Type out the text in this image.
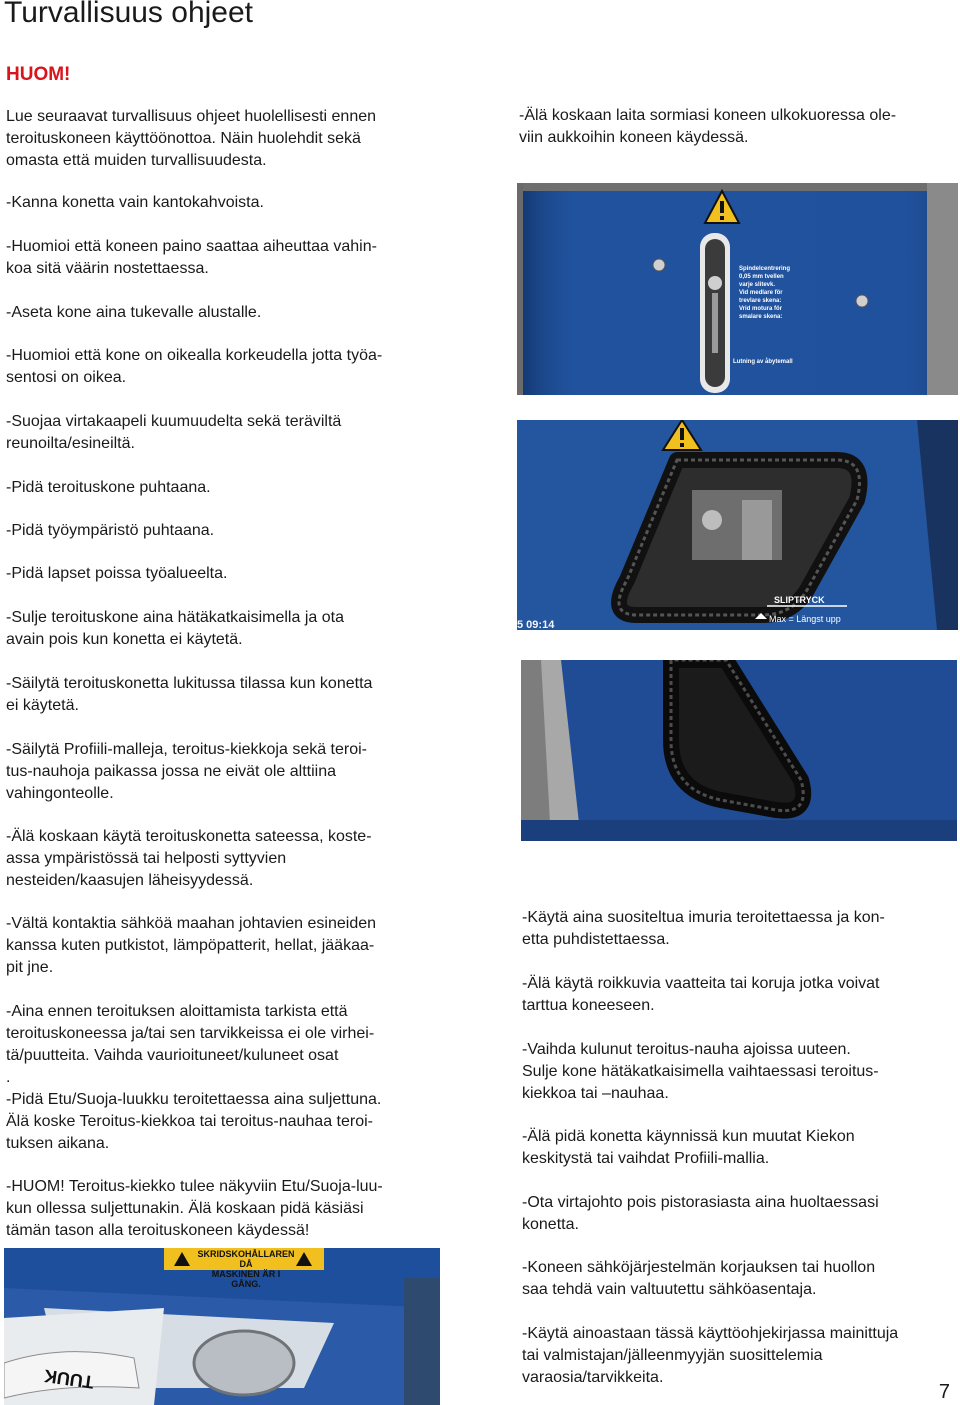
Turvallisuus ohjeet
HUOM!

Lue seuraavat turvallisuus ohjeet huolellisesti ennen
teroituskoneen käyttöönottoa. Näin huolehdit sekä
omasta että muiden turvallisuudesta.

-Kanna konetta vain kantokahvoista.

-Huomioi että koneen paino saattaa aiheuttaa vahin-
koa sitä väärin nostettaessa.

-Aseta kone aina tukevalle alustalle.

-Huomioi että kone on oikealla korkeudella jotta työa-
sentosi on oikea.

-Suojaa virtakaapeli kuumuudelta sekä teräviltä
reunoilta/esineiltä.

-Pidä teroituskone puhtaana.

-Pidä työympäristö puhtaana.

-Pidä lapset poissa työalueelta.

-Sulje teroituskone aina hätäkatkaisimella ja ota
avain pois kun konetta ei käytetä.

-Säilytä teroituskonetta lukitussa tilassa kun konetta
ei käytetä.

-Säilytä Profiili-malleja, teroitus-kiekkoja sekä teroi-
tus-nauhoja paikassa jossa ne eivät ole alttiina
vahingonteolle.

-Älä koskaan käytä teroituskonetta sateessa, koste-
assa ympäristössä tai helposti syttyvien
nesteiden/kaasujen läheisyydessä.

-Vältä kontaktia sähköä maahan johtavien esineiden
kanssa kuten putkistot, lämpöpatterit, hellat, jääkaa-
pit jne.

-Aina ennen teroituksen aloittamista tarkista että
teroituskoneessa ja/tai sen tarvikkeissa ei ole virhei-
tä/puutteita. Vaihda vaurioituneet/kuluneet osat
.
-Pidä Etu/Suoja-luukku teroitettaessa aina suljettuna.
Älä koske Teroitus-kiekkoa tai teroitus-nauhaa teroi-
tuksen aikana.

-HUOM! Teroitus-kiekko tulee näkyviin Etu/Suoja-luu-
kun ollessa suljettunakin. Älä koskaan pidä käsiäsi
tämän tason alla teroituskoneen käydessä!

-Älä koskaan laita sormiasi koneen ulkokuoressa ole-
viin aukkoihin koneen käydessä.

-Käytä aina suositeltua imuria teroitettaessa ja kon-
etta puhdistettaessa.

-Älä käytä roikkuvia vaatteita tai koruja jotka voivat
tarttua koneeseen.

-Vaihda kulunut teroitus-nauha ajoissa uuteen.
Sulje kone hätäkatkaisimella vaihtaessasi teroitus-
kiekkoa tai –nauhaa.

-Älä pidä konetta käynnissä kun muutat Kiekon
keskitystä tai vaihdat Profiili-mallia.

-Ota virtajohto pois pistorasiasta aina huoltaessasi
konetta.

-Koneen sähköjärjestelmän korjauksen tai huollon
saa tehdä vain valtuutettu sähköasentaja.

-Käytä ainoastaan tässä käyttöohjekirjassa mainittuja
tai valmistajan/jälleenmyyjän suosittelemia
varaosia/tarvikkeita.

7
Spindelcentrering
0,05 mm tvellen
varje slitevk.
Vid medlare för
trevlare skena:
Vrid motura för
smalare skena:
Lutning av åbytemall
SLIPTRYCK
Max = Längst upp
5 09:14
SKRIDSKOHÅLLAREN DÅ
MASKINEN ÄR I GÅNG.
TUUK
